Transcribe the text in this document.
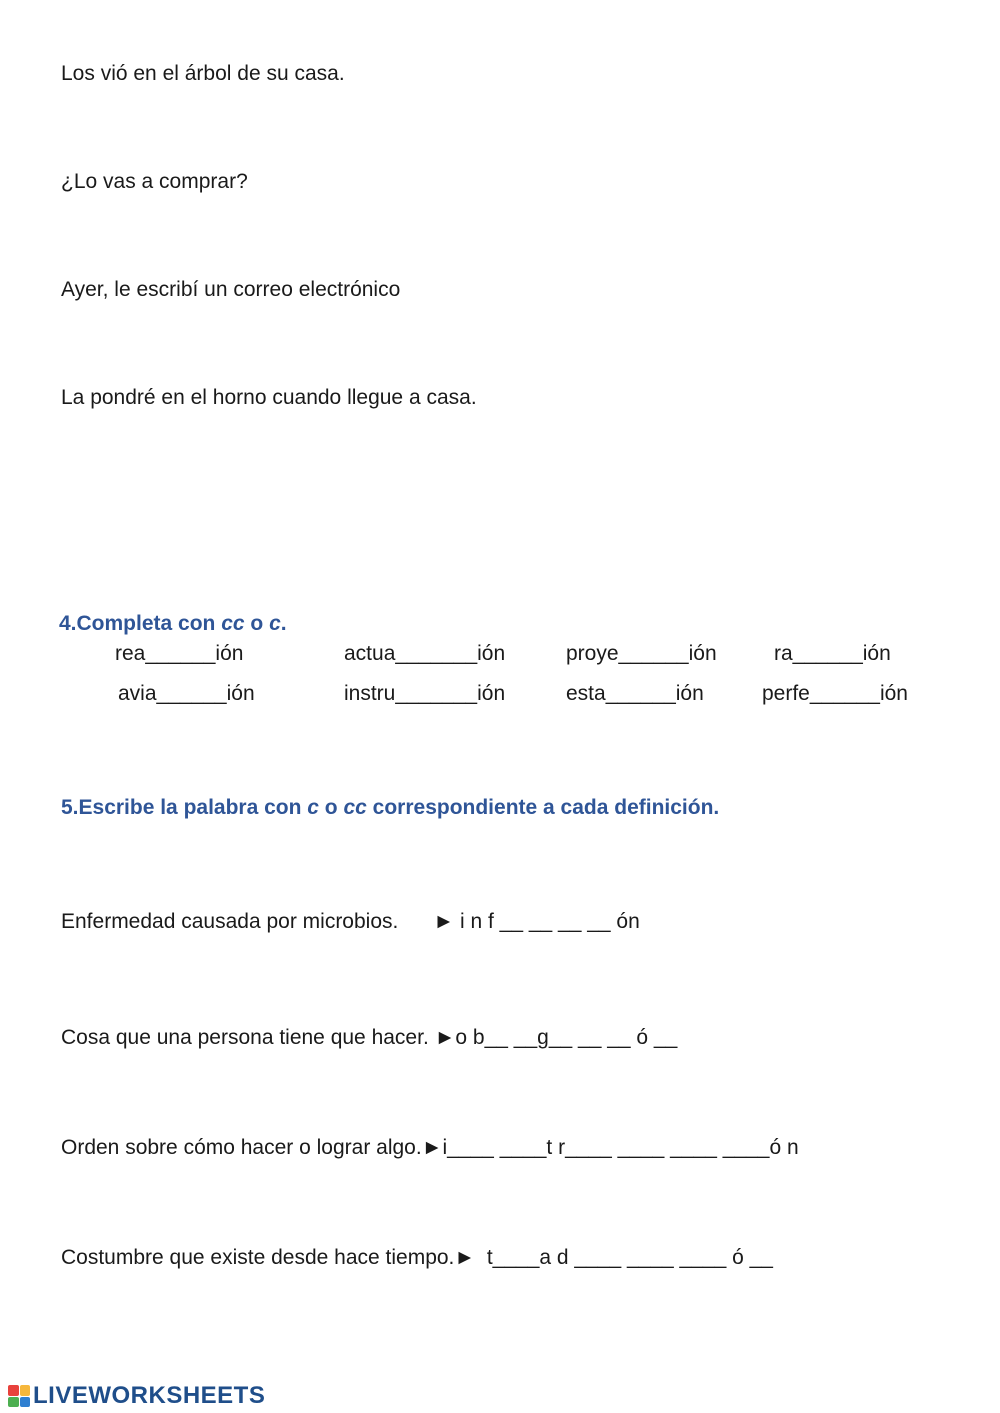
Los vió en el árbol de su casa.
¿Lo vas a comprar?
Ayer, le escribí un correo electrónico
La pondré en el horno cuando llegue a casa.
4.Completa con cc o c.
rea______ión	actua_______ión	proye______ión	ra______ión
avia______ión	instru_______ión	esta______ión	perfe______ión
5.Escribe la palabra con c o cc correspondiente a cada definición.
Enfermedad causada por microbios.      ► i n f __ __ __ __ ón
Cosa que una persona tiene que hacer. ►o b__ __g__ __ __ ó __
Orden sobre cómo hacer o lograr algo.►i____ ____t r____ ____ ____ ____ó n
Costumbre que existe desde hace tiempo.►  t____a d ____ ____ ____ ó __
LIVEWORKSHEETS
